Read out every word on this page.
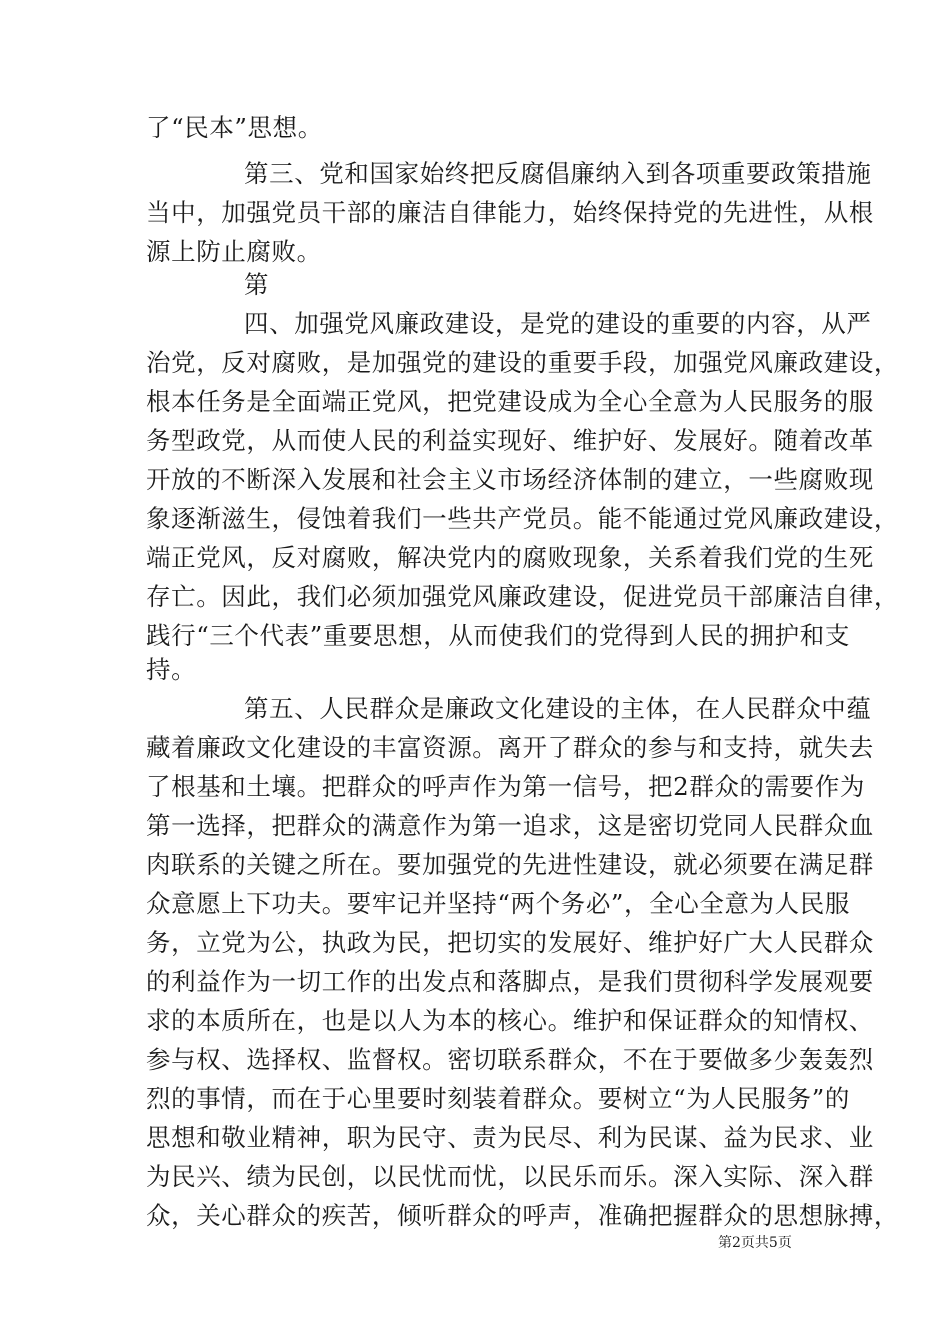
了“民本”思想。
第三、党和国家始终把反腐倡廉纳入到各项重要政策措施
当中，加强党员干部的廉洁自律能力，始终保持党的先进性，从根
源上防止腐败。
第
四、加强党风廉政建设，是党的建设的重要的内容，从严
治党，反对腐败，是加强党的建设的重要手段，加强党风廉政建设，
根本任务是全面端正党风，把党建设成为全心全意为人民服务的服
务型政党，从而使人民的利益实现好、维护好、发展好。随着改革
开放的不断深入发展和社会主义市场经济体制的建立，一些腐败现
象逐渐滋生，侵蚀着我们一些共产党员。能不能通过党风廉政建设，
端正党风，反对腐败，解决党内的腐败现象，关系着我们党的生死
存亡。因此，我们必须加强党风廉政建设，促进党员干部廉洁自律，
践行“三个代表”重要思想，从而使我们的党得到人民的拥护和支
持。
第五、人民群众是廉政文化建设的主体，在人民群众中蕴
藏着廉政文化建设的丰富资源。离开了群众的参与和支持，就失去
了根基和土壤。把群众的呼声作为第一信号，把2群众的需要作为
第一选择，把群众的满意作为第一追求，这是密切党同人民群众血
肉联系的关键之所在。要加强党的先进性建设，就必须要在满足群
众意愿上下功夫。要牢记并坚持“两个务必”，全心全意为人民服
务，立党为公，执政为民，把切实的发展好、维护好广大人民群众
的利益作为一切工作的出发点和落脚点，是我们贯彻科学发展观要
求的本质所在，也是以人为本的核心。维护和保证群众的知情权、
参与权、选择权、监督权。密切联系群众，不在于要做多少轰轰烈
烈的事情，而在于心里要时刻装着群众。要树立“为人民服务”的
思想和敬业精神，职为民守、责为民尽、利为民谋、益为民求、业
为民兴、绩为民创，以民忧而忧，以民乐而乐。深入实际、深入群
众，关心群众的疾苦，倾听群众的呼声，准确把握群众的思想脉搏，
第2页共5页
